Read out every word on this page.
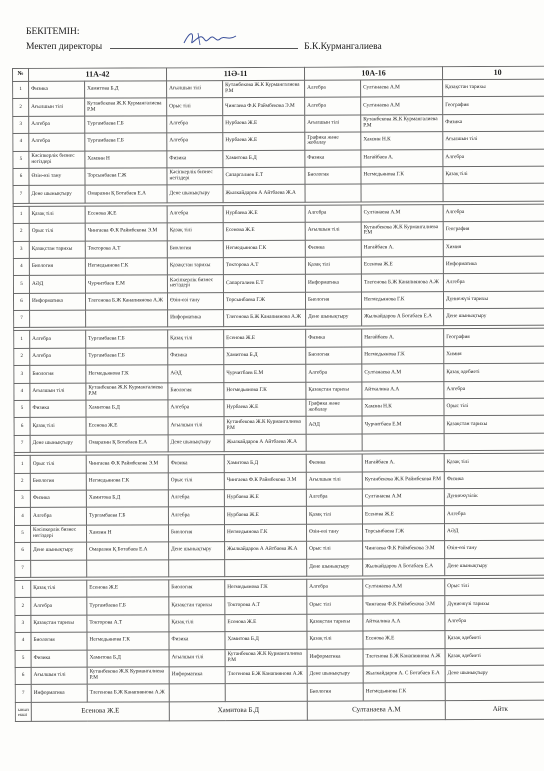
БЕКІТЕМІН:
Мектеп директоры	Б.К.Курмангалиева
№	11А-42		11Ә-11		10А-16		10
1	Физика	Хамитова Б.Д	Ағылшын тілі	Кутанбекова Ж.К Курмангалиева Р.М	Алгебра	Султанаева А.М	Қазақстан тарихы
2	Ағылшын тілі	Кутанбекова Ж.К Курмангалиева Р.М	Орыс тілі	Чингаева Ф.К Раймбекова Э.М	Алгебра	Султанаева А.М	География
3	Алгебра	Тургамбаева Г.Б	Алгебра	Нурбаева Ж.Е	Ағылшын тілі	Кутанбекова Ж.К Курмангалиева Р.М	Физика
4	Алгебра	Тургамбаева Г.Б	Алгебра	Нурбаева Ж.Е	Графика және жобалау	Хамзин Н.К	Ағылшын тілі
5	Кәсіпкерлік бизнес негіздері	Хамзин Н	Физика	Хамитова Б.Д	Физика	Нагайбаев А.	Алгебра
6	Өзін-өзі тану	Торсынбаева Г.Ж	Кәсіпкерлік бизнес негіздері	Сапаргалиев Е.Т	Биология	Негмедьянова Г.К	Қазақ тілі
7	Дене шынықтыру	Омаразин Қ Ботабаев Е.А	Дене шынықтыру	Жылкайдаров А Айтбаева Ж.А			

1	Қазақ тілі	Есенова Ж.Е	Алгебра	Нурбаева Ж.Е	Алгебра	Султанаева А.М	Алгебра
2	Орыс тілі	Чингаева Ф.К Раймбекова Э.М	Қазақ тілі	Есенова Ж.Е	Ағылшын тілі	Кутанбекова Ж.К Курмангалиева Р.М	География
3	Қазақстан тарихы	Токторова А.Т	Биология	Негмедьянова Г.К	Физика	Нагайбаев А.	Химия
4	Биология	Негмедьянова Г.К	Қазақстан тарихы	Токторова А.Т	Қазақ тілі	Есенова Ж.Е	Информатика
5	АӘД	Чурчитбаев Е.М	Кәсіпкерлік бизнес негіздері	Сапаргалиев Е.Т	Информатика	Тлегенова Б.Ж Канапиянова А.Ж	Алгебра
6	Информатика	Тлегенова Б.Ж Канапиянова А.Ж	Өзін-өзі тану	Торсынбаева Г.Ж	Биология	Негмедьянова Г.К	Дүниежүзі тарихы
7			Информатика	Тлегенова Б.Ж Канапиянова А.Ж	Дене шынықтыру	Жылкайдаров А Ботабаев Е.А	Дене шынықтыру

1	Алгебра	Тургамбаева Г.Б	Қазақ тілі	Есенова Ж.Е	Физика	Нагайбаев А.	География
2	Алгебра	Тургамбаева Г.Б	Физика	Хамитова Б.Д	Биология	Негмедьянова Г.К	Химия
3	Биология	Негмедьянова Г.К	АӘД	Чурчитбаев Е.М	Алгебра	Султанаева А.М	Қазақ әдебиеті
4	Ағылшын тілі	Кутанбекова Ж.К Курмангалиева Р.М	Биология	Негмедьянова Г.К	Қазақстан тарихы	Айткалина А.А	Алгебра
5	Физика	Хамитова Б.Д	Алгебра	Нурбаева Ж.Е	Графика және жобалау	Хамзин Н.К	Орыс тілі
6	Қазақ тілі	Есенова Ж.Е	Ағылшын тілі	Кутанбекова Ж.К Курмангалиева Р.М	АӘД	Чурчитбаев Е.М	Қазақстан тарихы
7	Дене шынықтыру	Омаразин Қ Ботабаев Е.А	Дене шынықтыру	Жылкайдаров А Айтбаева Ж.А			

1	Орыс тілі	Чингаева Ф.К Раймбекова Э.М	Физика	Хамитова Б.Д	Физика	Нагайбаев А.	Қазақ тілі
2	Биология	Негмедьянова Г.К	Орыс тілі	Чингаева Ф.К Раймбекова Э.М	Ағылшын тілі	Кутанбекова Ж.К Раймбекова Р.М	Физика
3	Физика	Хамитова Б.Д	Алгебра	Нурбаева Ж.Е	Алгебра	Султанаева А.М	Дүниежүзілік
4	Алгебра	Тургамбаева Г.Б	Алгебра	Нурбаева Ж.Е	Қазақ тілі	Есенова Ж.Е	Алгебра
5	Кәсіпкерлік бизнес негіздері	Хамзин Н	Биология	Негмедьянова Г.К	Өзін-өзі тану	Торсынбаева Г.Ж	АӘД
6	Дене шынықтыру	Омаразин Қ Ботабаев Е.А	Дене шынықтыру	Жылкайдаров А Айтбаева Ж.А	Орыс тілі	Чингаева Ф.К Раймбекова Э.М	Өзін-өзі тану
7					Дене шынықтыру	Жылкайдаров А Ботабаев Е.А	Дене шынықтыру

1	Қазақ тілі	Есенова Ж.Е	Биология	Негмедьянова Г.К	Алгебра	Султанаева А.М	Орыс тілі
2	Алгебра	Тургамбаева Г.Б	Қазақстан тарихы	Токторова А.Т	Орыс тілі	Чингаева Ф.К Раймбекова Э.М	Дүниежүзі тарихы
3	Қазақстан тарихы	Токторова А.Т	Қазақ тілі	Есенова Ж.Е	Қазақстан тарихы	Айткалина А.А	Алгебра
4	Биология	Негмедьянова Г.К	Физика	Хамитова Б.Д	Қазақ тілі	Есенова Ж.Е	Қазақ әдебиеті
5	Физика	Хамитова Б.Д	Ағылшын тілі	Кутанбекова Ж.К Курмангалиева Р.М	Информатика	Тлегенова Б.Ж Канапиянова А.Ж	Қазақ әдебиеті
6	Ағылшын тілі	Кутанбекова Ж.К Курмангалиева Р.М	Информатика	Тлегенова Б.Ж Канапиянова А.Ж	Дене шынықтыру	Жылкайдаров А. С Ботабаев Е.А	Дене шынықтыру
7	Информатика	Тлегенова Б.Ж Канапиянова А.Ж			Биология	Негмедьянова Г.К	
ынып екші	Есенова Ж.Е		Хамитова Б.Д		Султанаева А.М		Айтк
